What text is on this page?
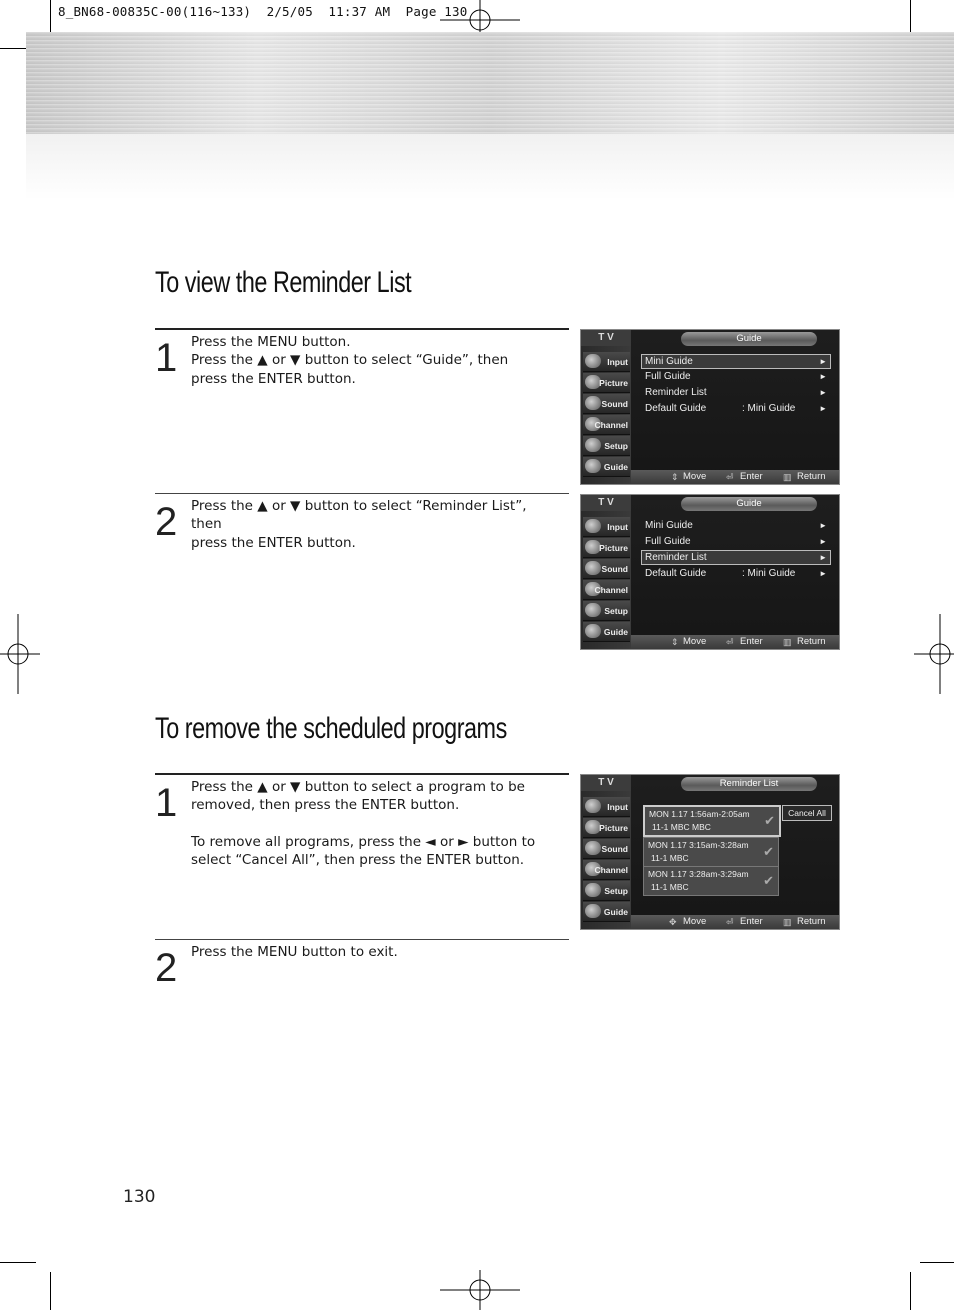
8_BN68-00835C-00(116~133)  2/5/05  11:37 AM  Page 130
To view the Reminder List
1 Press the MENU button.

Press the ▲ or ▼ button to select “Guide”, then

press the ENTER button.

2 Press the ▲ or ▼ button to select “Reminder List”, then

press the ENTER button.

T V
Input
Picture
Sound
Channel
Setup
Guide
Guide
Mini Guide	►
Full Guide	►
Reminder List	►
Default Guide	: Mini Guide	►
⇕ Move ⏎ Enter ▥ Return
T V
Input
Picture
Sound
Channel
Setup
Guide
Guide
Mini Guide	►
Full Guide	►
Reminder List	►
Default Guide	: Mini Guide	►
⇕ Move ⏎ Enter ▥ Return
To remove the scheduled programs
1 Press the ▲ or ▼ button to select a program to be

removed, then press the ENTER button.

To remove all programs, press the ◄ or ► button to

select “Cancel All”, then press the ENTER button.

2 Press the MENU button to exit.

T V
Input
Picture
Sound
Channel
Setup
Guide
Reminder List
MON 1.17 1:56am-2:05am
11-1 MBC MBC	✔
MON 1.17 3:15am-3:28am
11-1 MBC	✔
MON 1.17 3:28am-3:29am
11-1 MBC	✔
Cancel All
✥ Move ⏎ Enter ▥ Return
130
